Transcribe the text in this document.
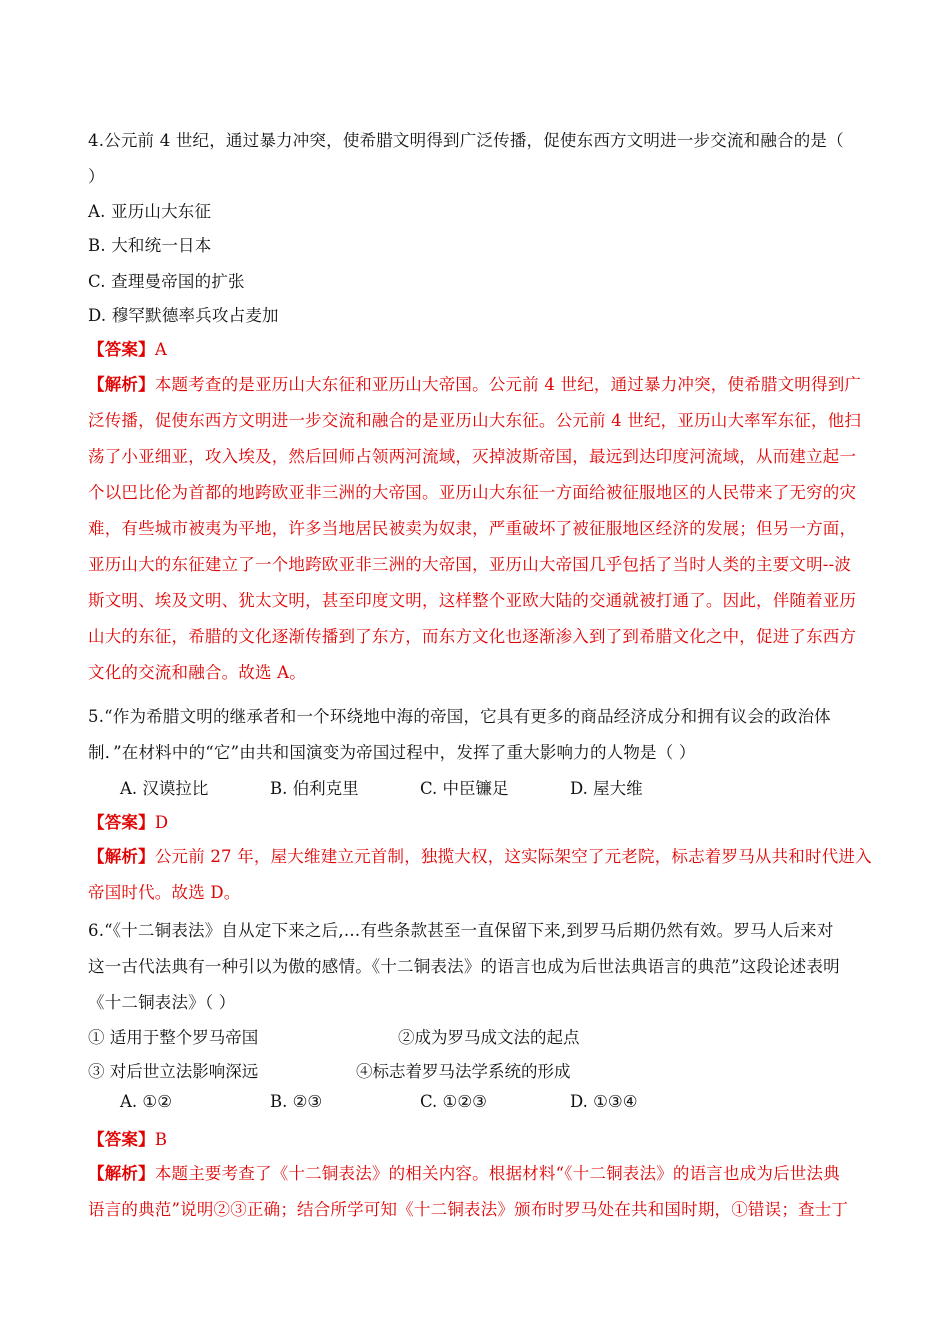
4.公元前 4 世纪，通过暴力冲突，使希腊文明得到广泛传播，促使东西方文明进一步交流和融合的是（
）
A. 亚历山大东征
B. 大和统一日本
C. 查理曼帝国的扩张
D. 穆罕默德率兵攻占麦加
【答案】A
【解析】本题考查的是亚历山大东征和亚历山大帝国。公元前 4 世纪，通过暴力冲突，使希腊文明得到广
泛传播，促使东西方文明进一步交流和融合的是亚历山大东征。公元前 4 世纪，亚历山大率军东征，他扫
荡了小亚细亚，攻入埃及，然后回师占领两河流域，灭掉波斯帝国，最远到达印度河流域，从而建立起一
个以巴比伦为首都的地跨欧亚非三洲的大帝国。亚历山大东征一方面给被征服地区的人民带来了无穷的灾
难，有些城市被夷为平地，许多当地居民被卖为奴隶，严重破坏了被征服地区经济的发展；但另一方面，
亚历山大的东征建立了一个地跨欧亚非三洲的大帝国，亚历山大帝国几乎包括了当时人类的主要文明--波
斯文明、埃及文明、犹太文明，甚至印度文明，这样整个亚欧大陆的交通就被打通了。因此，伴随着亚历
山大的东征，希腊的文化逐渐传播到了东方，而东方文化也逐渐渗入到了到希腊文化之中，促进了东西方
文化的交流和融合。故选 A。
5.“作为希腊文明的继承者和一个环绕地中海的帝国，它具有更多的商品经济成分和拥有议会的政治体
制．”在材料中的“它”由共和国演变为帝国过程中，发挥了重大影响力的人物是（ ）
A. 汉谟拉比	B. 伯利克里	C. 中臣镰足	D. 屋大维
【答案】D
【解析】公元前 27 年，屋大维建立元首制，独揽大权，这实际架空了元老院，标志着罗马从共和时代进入
帝国时代。故选 D。
6.“《十二铜表法》自从定下来之后,…有些条款甚至一直保留下来,到罗马后期仍然有效。罗马人后来对
这一古代法典有一种引以为傲的感情。《十二铜表法》的语言也成为后世法典语言的典范”这段论述表明
《十二铜表法》（ ）
① 适用于整个罗马帝国	②成为罗马成文法的起点
③ 对后世立法影响深远	④标志着罗马法学系统的形成
A. ①②	B. ②③	C. ①②③	D. ①③④
【答案】B
【解析】本题主要考查了《十二铜表法》的相关内容。根据材料“《十二铜表法》的语言也成为后世法典
语言的典范”说明②③正确；结合所学可知《十二铜表法》颁布时罗马处在共和国时期，①错误；查士丁
